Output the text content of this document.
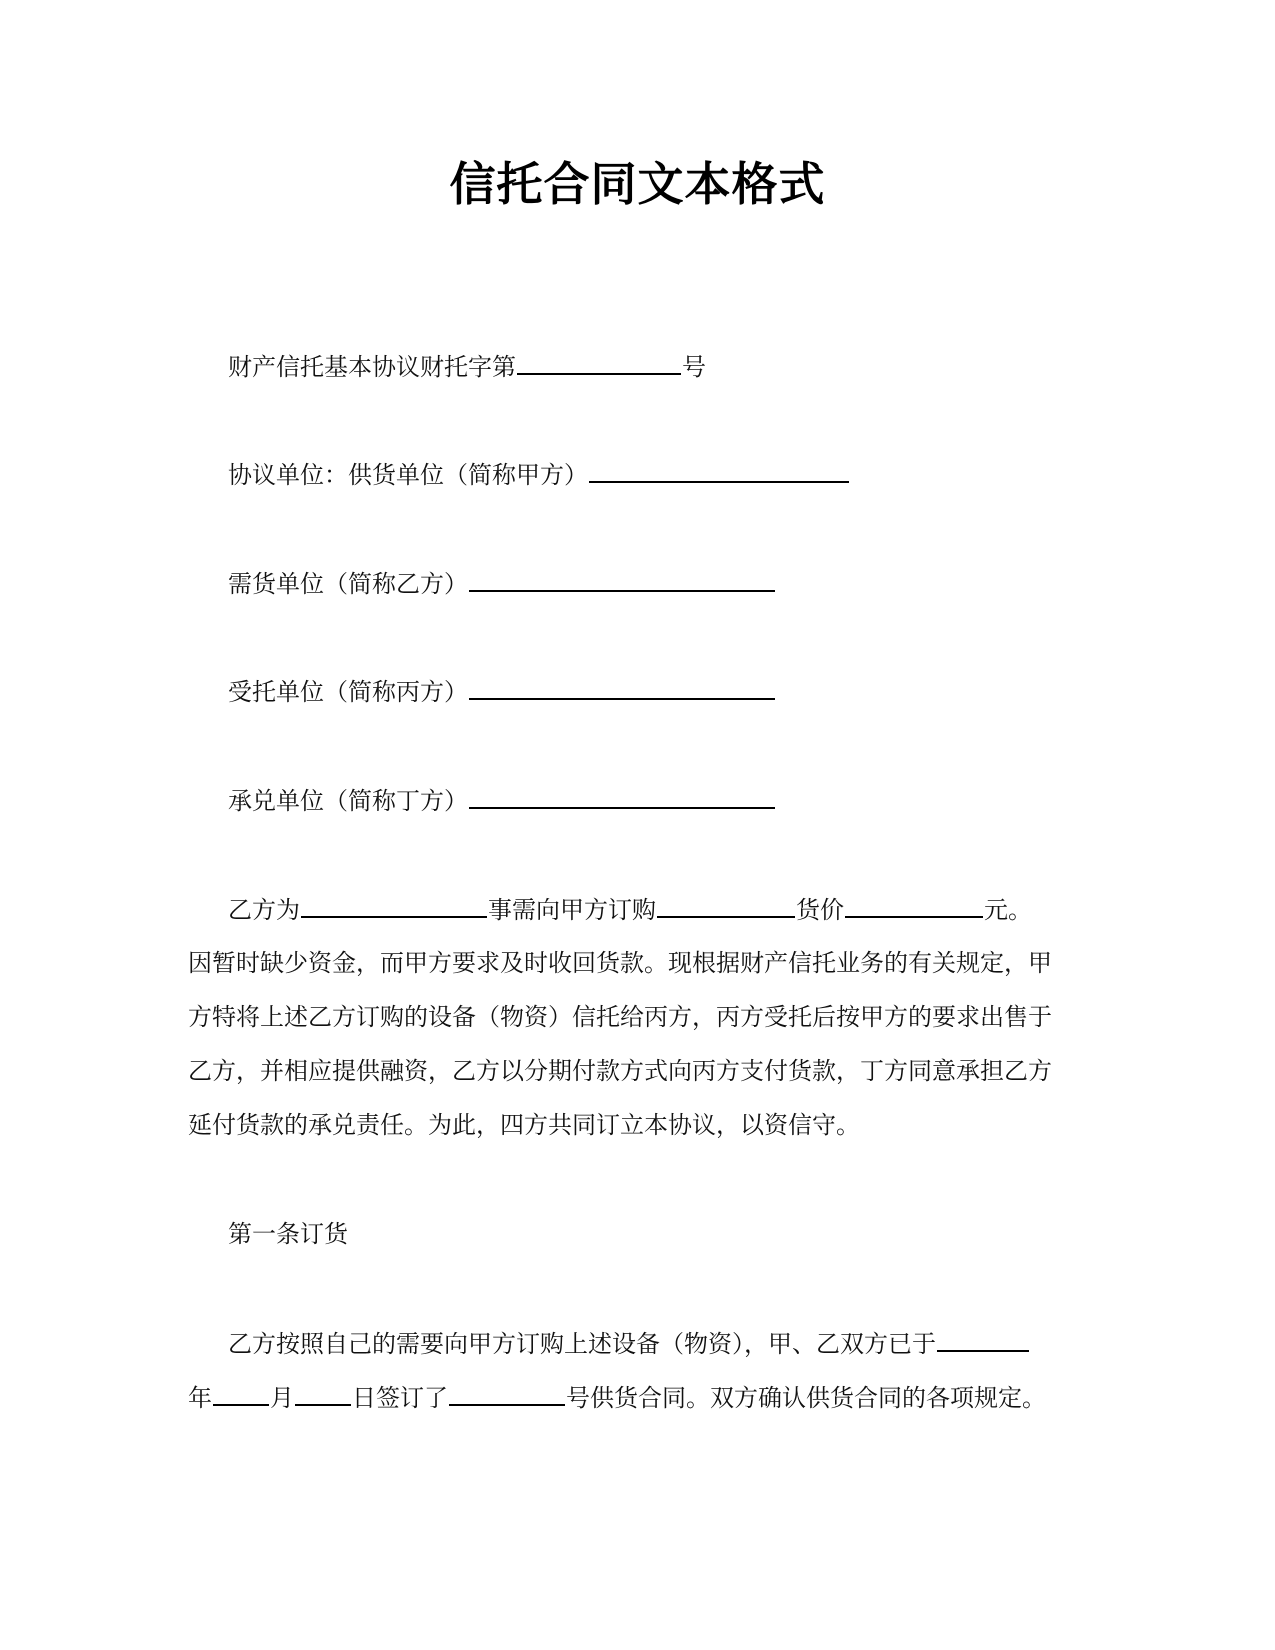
信托合同文本格式
财产信托基本协议财托字第	号
协议单位：供货单位（简称甲方）
需货单位（简称乙方）
受托单位（简称丙方）
承兑单位（简称丁方）
乙方为	事需向甲方订购	货价	元。
因暂时缺少资金，而甲方要求及时收回货款。现根据财产信托业务的有关规定，甲
方特将上述乙方订购的设备（物资）信托给丙方，丙方受托后按甲方的要求出售于
乙方，并相应提供融资，乙方以分期付款方式向丙方支付货款，丁方同意承担乙方
延付货款的承兑责任。为此，四方共同订立本协议，以资信守。
第一条订货
乙方按照自己的需要向甲方订购上述设备（物资），甲、乙双方已于
年 月 日签订了	号供货合同。双方确认供货合同的各项规定。
